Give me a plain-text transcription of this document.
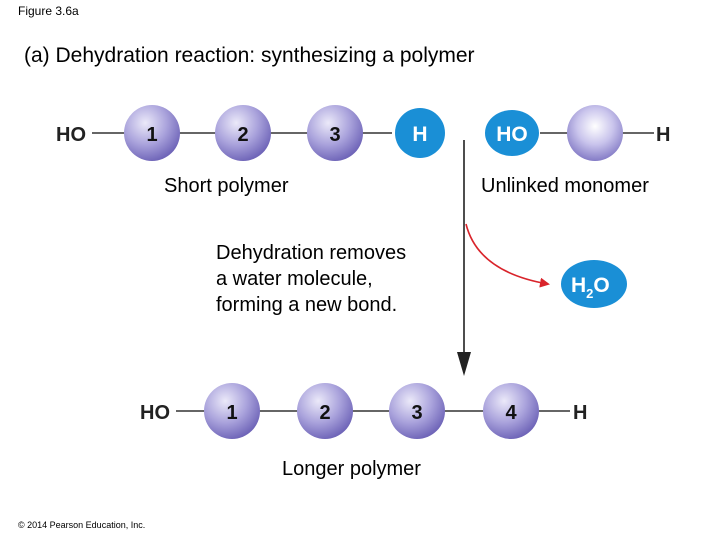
Figure 3.6a
(a) Dehydration reaction: synthesizing a polymer
HO	1	2	3	H	HO	H
$H_2O$
HO	1	2	3	4	H
Short polymer	Unlinked monomer
Dehydration removes
a water molecule,
forming a new bond.
Longer polymer
© 2014 Pearson Education, Inc.
